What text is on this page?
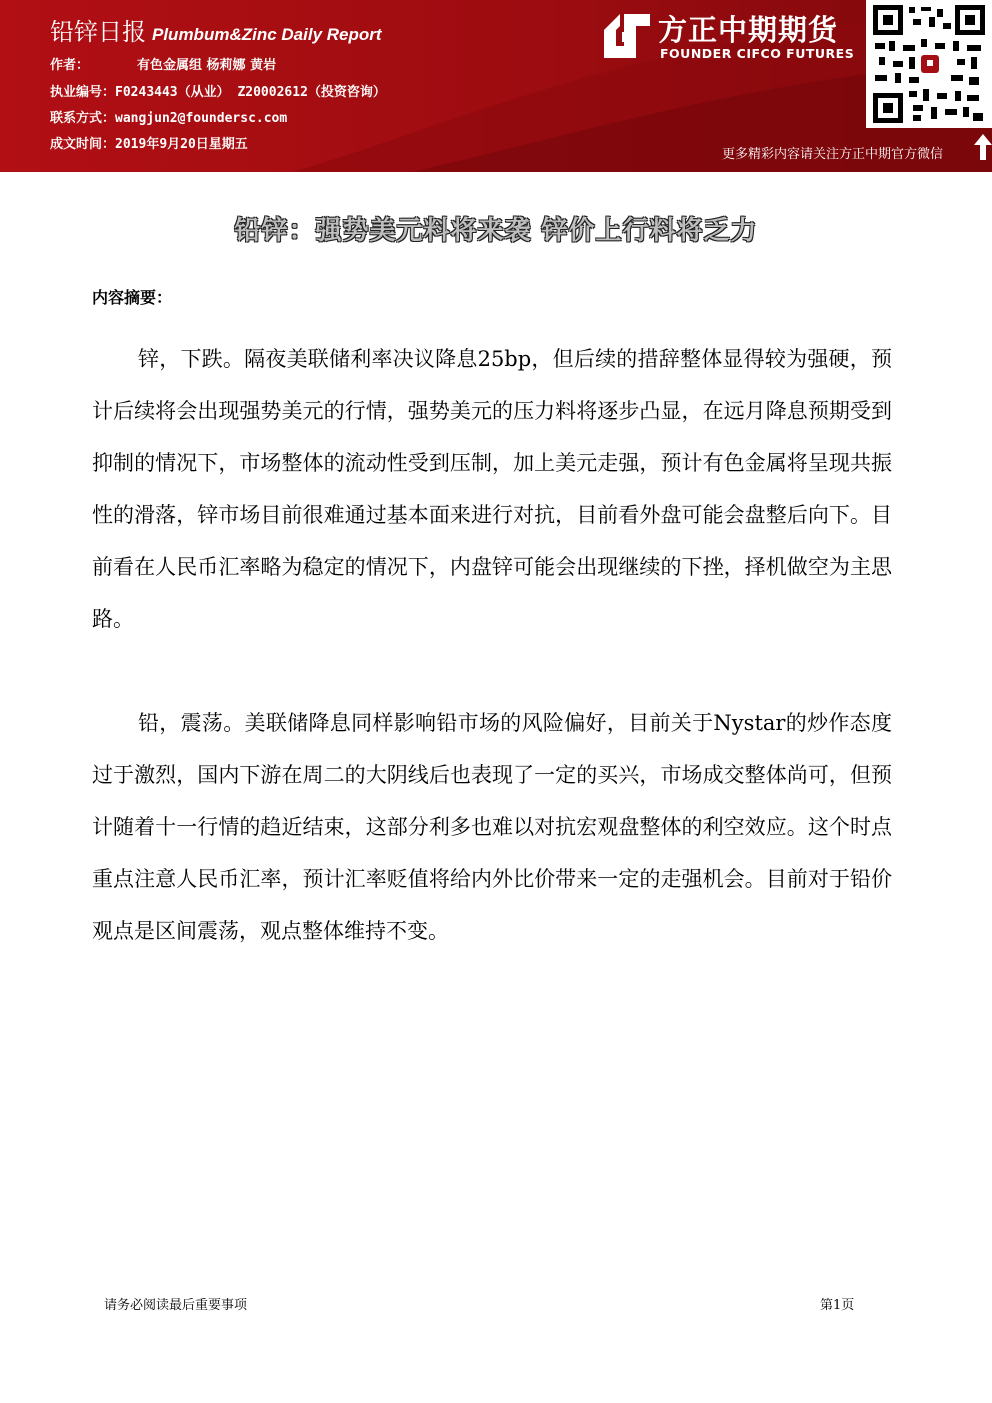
铅锌日报 Plumbum&Zinc Daily Report
作者：	有色金属组 杨莉娜 黄岩
执业编号：F0243443（从业） Z20002612（投资咨询）
联系方式：wangjun2@foundersc.com
成文时间：2019年9月20日星期五
方正中期期货
FOUNDER CIFCO FUTURES
更多精彩内容请关注方正中期官方微信
铅锌：强势美元料将来袭 锌价上行料将乏力
内容摘要：

锌，下跌。隔夜美联储利率决议降息25bp，但后续的措辞整体显得较为强硬，预计后续将会出现强势美元的行情，强势美元的压力料将逐步凸显，在远月降息预期受到抑制的情况下，市场整体的流动性受到压制，加上美元走强，预计有色金属将呈现共振性的滑落，锌市场目前很难通过基本面来进行对抗，目前看外盘可能会盘整后向下。目前看在人民币汇率略为稳定的情况下，内盘锌可能会出现继续的下挫，择机做空为主思路。

铅，震荡。美联储降息同样影响铅市场的风险偏好，目前关于Nystar的炒作态度过于激烈，国内下游在周二的大阴线后也表现了一定的买兴，市场成交整体尚可，但预计随着十一行情的趋近结束，这部分利多也难以对抗宏观盘整体的利空效应。这个时点重点注意人民币汇率，预计汇率贬值将给内外比价带来一定的走强机会。目前对于铅价观点是区间震荡，观点整体维持不变。

请务必阅读最后重要事项	第1页
